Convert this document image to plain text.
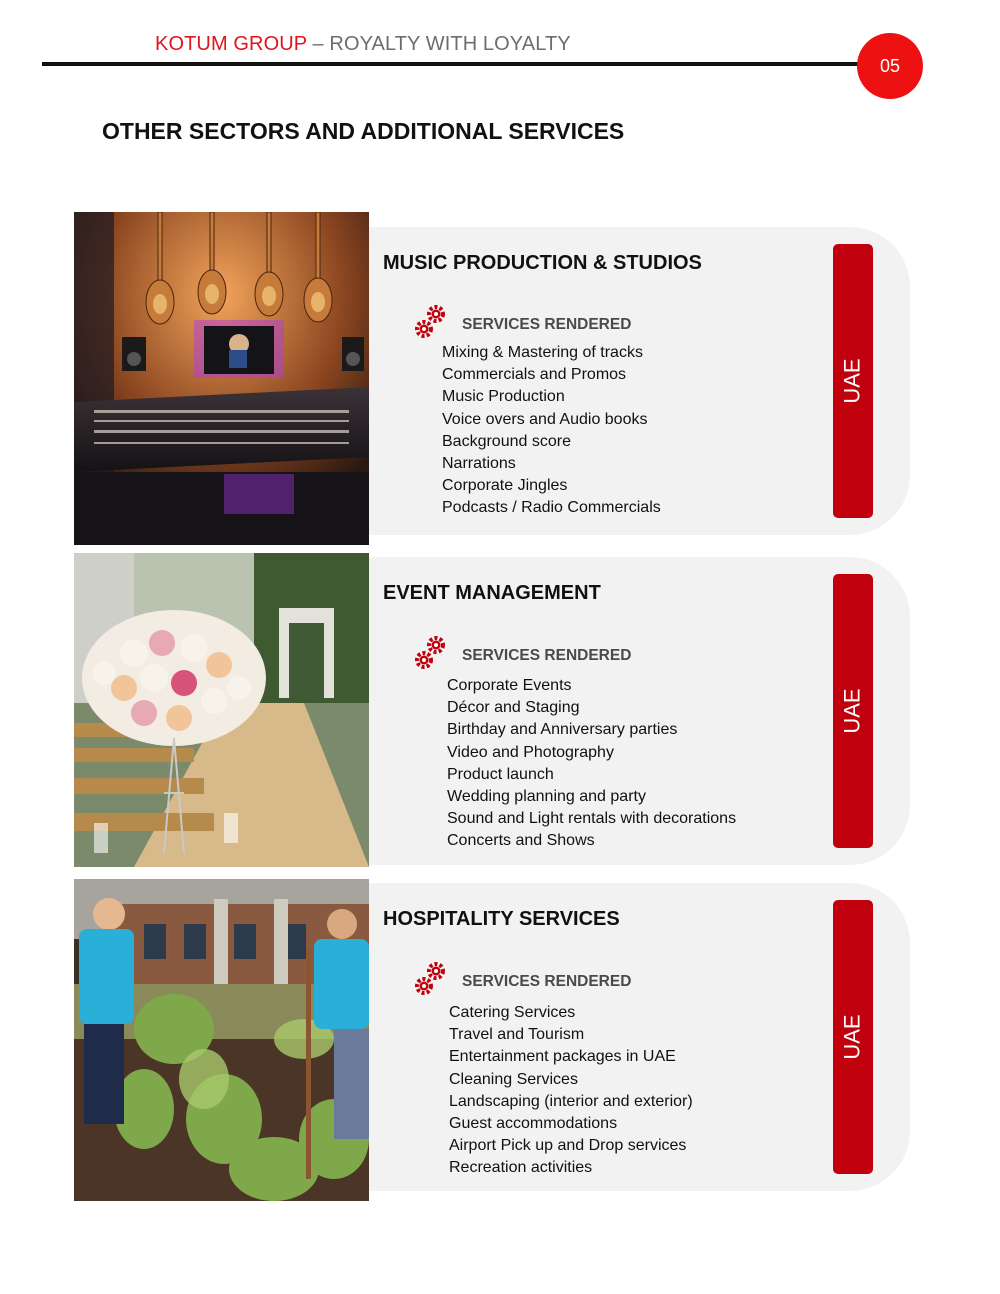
KOTUM GROUP – ROYALTY WITH LOYALTY
05
OTHER SECTORS AND ADDITIONAL SERVICES
MUSIC PRODUCTION & STUDIOS
SERVICES RENDERED
Mixing & Mastering of tracks
Commercials and Promos
Music Production
Voice overs and Audio books
Background score
Narrations
Corporate Jingles
Podcasts / Radio Commercials
UAE
EVENT MANAGEMENT
SERVICES RENDERED
Corporate Events
Décor and Staging
Birthday and Anniversary parties
Video and Photography
Product launch
Wedding planning and party
Sound and Light rentals with decorations
Concerts and Shows
UAE
HOSPITALITY SERVICES
SERVICES RENDERED
Catering Services
Travel and Tourism
Entertainment packages in UAE
Cleaning Services
Landscaping (interior and exterior)
Guest accommodations
Airport Pick up and Drop services
Recreation activities
UAE
